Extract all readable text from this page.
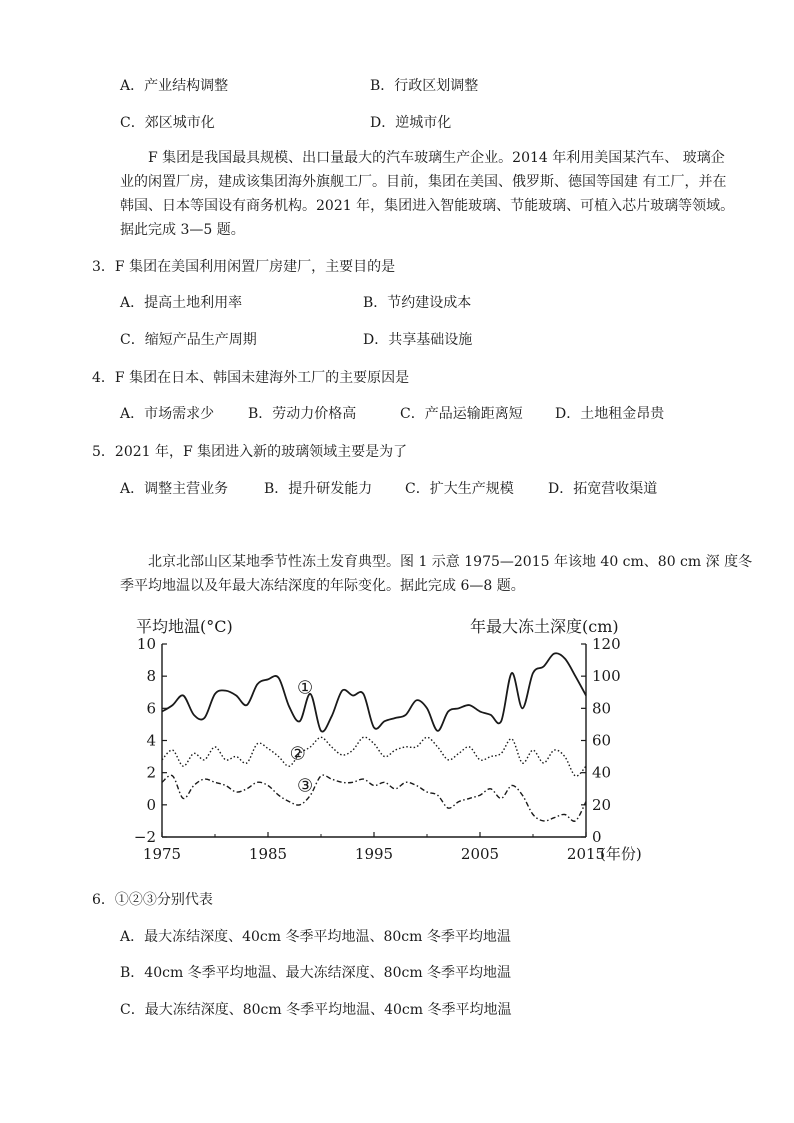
A．产业结构调整	B．行政区划调整
C．郊区城市化	D．逆城市化
F 集团是我国最具规模、出口量最大的汽车玻璃生产企业。2014 年利用美国某汽车、 玻璃企
业的闲置厂房，建成该集团海外旗舰工厂。目前，集团在美国、俄罗斯、德国等国建 有工厂，并在
韩国、日本等国设有商务机构。2021 年，集团进入智能玻璃、节能玻璃、可植入芯片玻璃等领域。
据此完成 3—5 题。
3．F 集团在美国利用闲置厂房建厂，主要目的是
A．提高土地利用率	B．节约建设成本
C．缩短产品生产周期	D．共享基础设施
4．F 集团在日本、韩国未建海外工厂的主要原因是
A．市场需求少 B．劳动力价格高	C．产品运输距离短 D．土地租金昂贵
5．2021 年，F 集团进入新的玻璃领域主要是为了
A．调整主营业务	B．提升研发能力 C．扩大生产规模 D．拓宽营收渠道
北京北部山区某地季节性冻土发育典型。图 1 示意 1975—2015 年该地 40 cm、80 cm 深 度冬
季平均地温以及年最大冻结深度的年际变化。据此完成 6—8 题。
−2
0
2
4
6
8
10
0
20
40
60
80
100
120
1975	1985	1995	2005	2015
(年份)
平均地温(°C)	年最大冻土深度(cm)
①
②
③
6．①②③分别代表
A．最大冻结深度、40cm 冬季平均地温、80cm 冬季平均地温
B．40cm 冬季平均地温、最大冻结深度、80cm 冬季平均地温
C．最大冻结深度、80cm 冬季平均地温、40cm 冬季平均地温
